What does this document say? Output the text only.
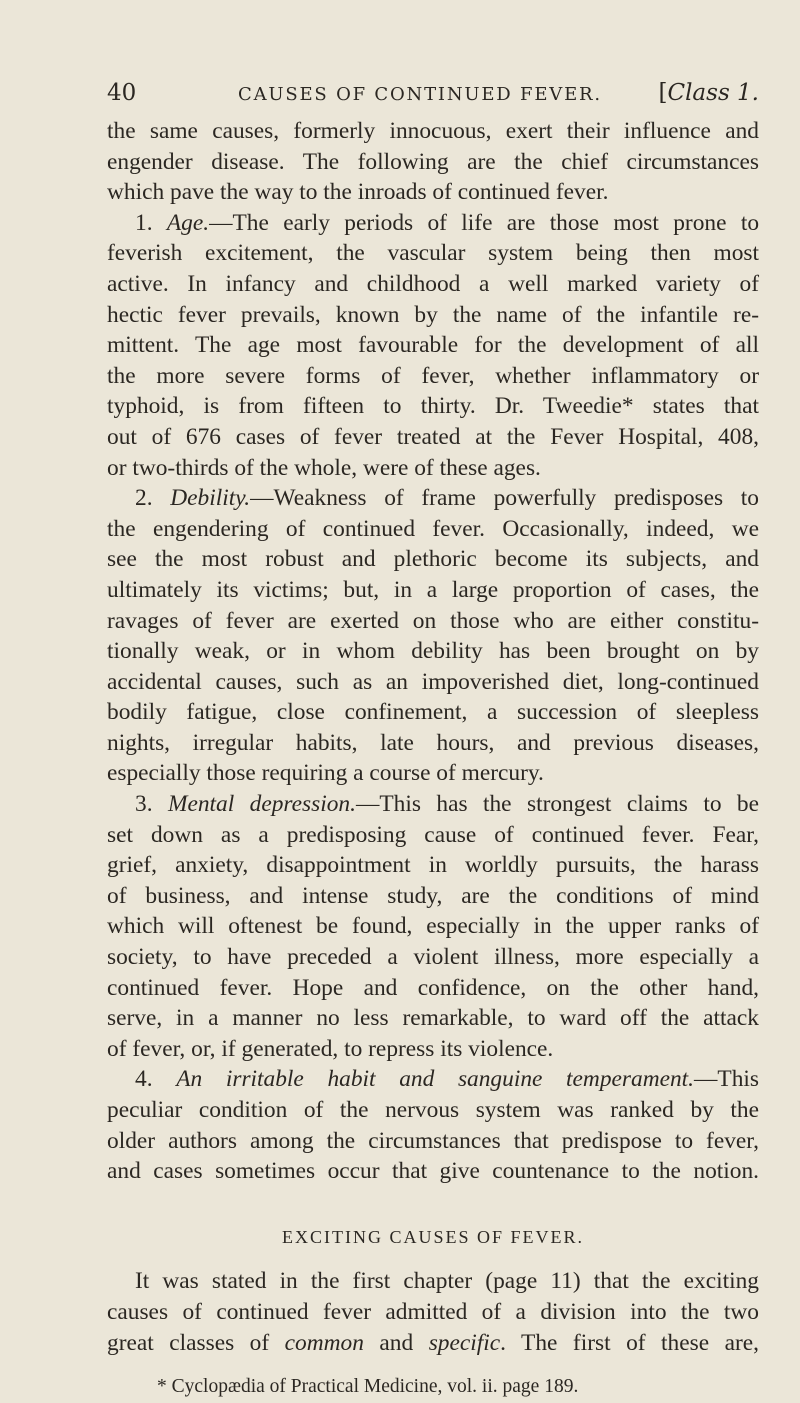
40	CAUSES OF CONTINUED FEVER. [Class 1.
the same causes, formerly innocuous, exert their influence and
engender disease. The following are the chief circumstances
which pave the way to the inroads of continued fever.
1. Age.—The early periods of life are those most prone to
feverish excitement, the vascular system being then most
active. In infancy and childhood a well marked variety of
hectic fever prevails, known by the name of the infantile re-
mittent. The age most favourable for the development of all
the more severe forms of fever, whether inflammatory or
typhoid, is from fifteen to thirty. Dr. Tweedie* states that
out of 676 cases of fever treated at the Fever Hospital, 408,
or two-thirds of the whole, were of these ages.
2. Debility.—Weakness of frame powerfully predisposes to
the engendering of continued fever. Occasionally, indeed, we
see the most robust and plethoric become its subjects, and
ultimately its victims; but, in a large proportion of cases, the
ravages of fever are exerted on those who are either constitu-
tionally weak, or in whom debility has been brought on by
accidental causes, such as an impoverished diet, long-continued
bodily fatigue, close confinement, a succession of sleepless
nights, irregular habits, late hours, and previous diseases,
especially those requiring a course of mercury.
3. Mental depression.—This has the strongest claims to be
set down as a predisposing cause of continued fever. Fear,
grief, anxiety, disappointment in worldly pursuits, the harass
of business, and intense study, are the conditions of mind
which will oftenest be found, especially in the upper ranks of
society, to have preceded a violent illness, more especially a
continued fever. Hope and confidence, on the other hand,
serve, in a manner no less remarkable, to ward off the attack
of fever, or, if generated, to repress its violence.
4. An irritable habit and sanguine temperament.—This
peculiar condition of the nervous system was ranked by the
older authors among the circumstances that predispose to fever,
and cases sometimes occur that give countenance to the notion.
EXCITING CAUSES OF FEVER.
It was stated in the first chapter (page 11) that the exciting
causes of continued fever admitted of a division into the two
great classes of common and specific. The first of these are,
* Cyclopædia of Practical Medicine, vol. ii. page 189.
